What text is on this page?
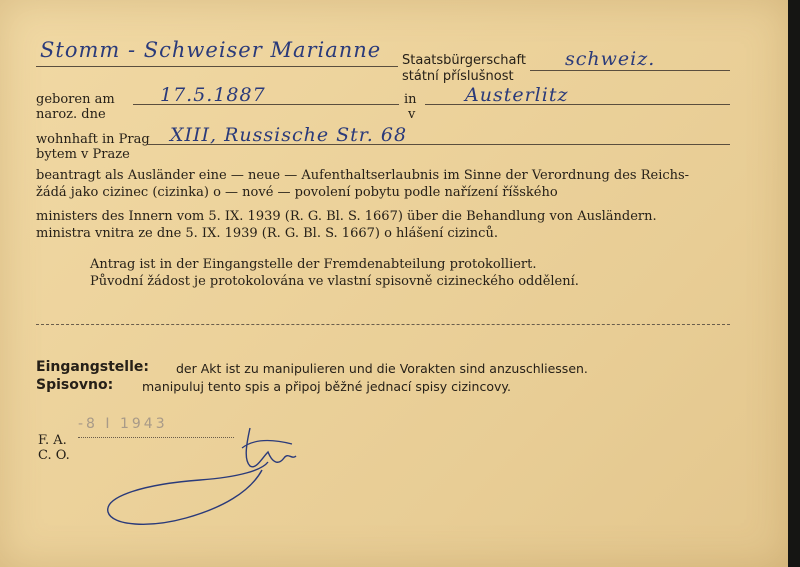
Stomm - Schweiser Marianne Staatsbürgerschaft
státní příslušnost
schweiz.
geboren am
naroz. dne
17.5.1887	in
v
Austerlitz
wohnhaft in Prag
bytem v Praze
XIII, Russische Str. 68
beantragt als Ausländer eine — neue — Aufenthaltserlaubnis im Sinne der Verordnung des Reichs-
žádá jako cizinec (cizinka) o — nové — povolení pobytu podle nařízení říšského
ministers des Innern vom 5. IX. 1939 (R. G. Bl. S. 1667) über die Behandlung von Ausländern.
ministra vnitra ze dne 5. IX. 1939 (R. G. Bl. S. 1667) o hlášení cizinců.
Antrag ist in der Eingangstelle der Fremdenabteilung protokolliert.
Původní žádost je protokolována ve vlastní spisovně cizineckého oddělení.
Eingangstelle: der Akt ist zu manipulieren und die Vorakten sind anzuschliessen.
Spisovno: manipuluj tento spis a připoj běžné jednací spisy cizincovy.
F. A.
C. O.
-8 I 1943
